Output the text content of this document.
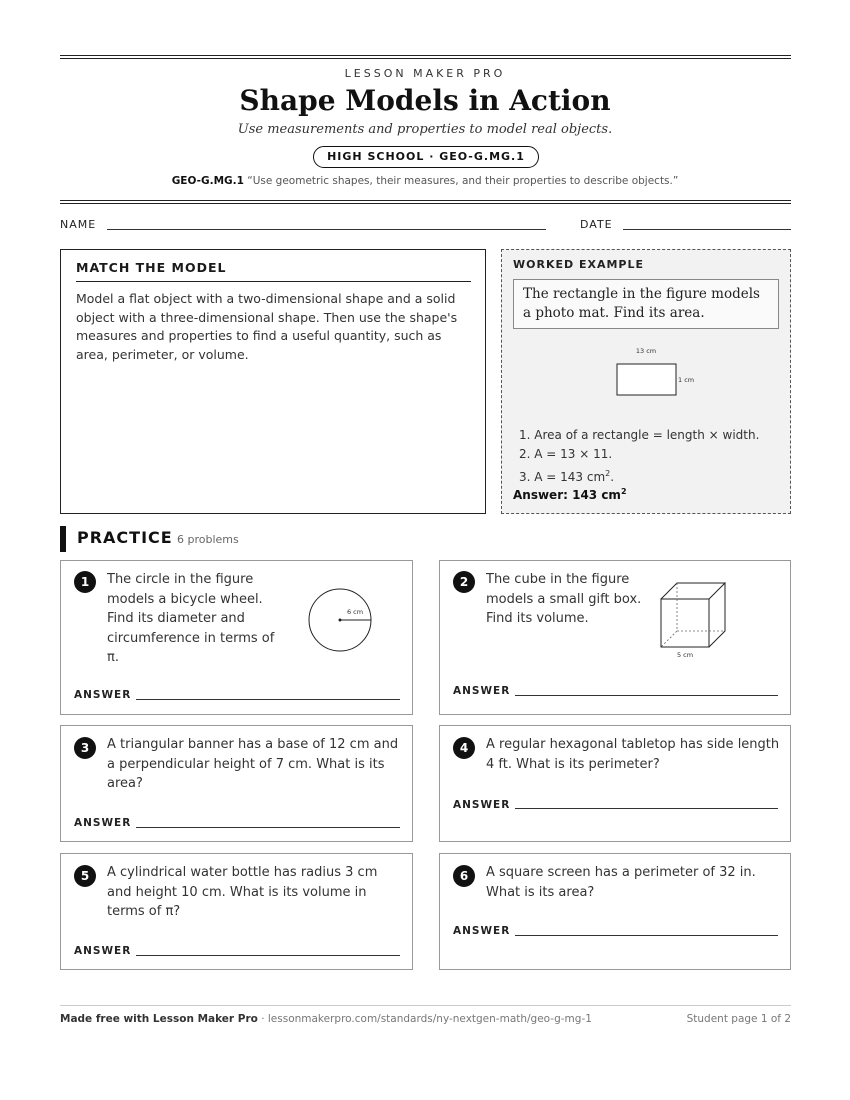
LESSON MAKER PRO
Shape Models in Action
Use measurements and properties to model real objects.
HIGH SCHOOL · GEO-G.MG.1
GEO-G.MG.1 “Use geometric shapes, their measures, and their properties to describe objects.”
NAME	DATE
MATCH THE MODEL
Model a flat object with a two-dimensional shape and a solid object with a three-dimensional shape. Then use the shape's measures and properties to find a useful quantity, such as area, perimeter, or volume.
WORKED EXAMPLE
The rectangle in the figure models a photo mat. Find its area.
13 cm
1 cm
1. Area of a rectangle = length × width.
2. A = 13 × 11.
3. A = 143 $cm^2$.
Answer: 143 $cm^2$
PRACTICE 6 problems
1	The circle in the figure models a bicycle wheel. Find its diameter and circumference in terms of π.
6 cm
ANSWER
2	The cube in the figure models a small gift box. Find its volume.
5 cm
ANSWER
3	A triangular banner has a base of 12 cm and a perpendicular height of 7 cm. What is its area?
ANSWER
4	A regular hexagonal tabletop has side length 4 ft. What is its perimeter?
ANSWER
5	A cylindrical water bottle has radius 3 cm and height 10 cm. What is its volume in terms of π?
ANSWER
6	A square screen has a perimeter of 32 in. What is its area?
ANSWER
Made free with Lesson Maker Pro · lessonmakerpro.com/standards/ny-nextgen-math/geo-g-mg-1	Student page 1 of 2
